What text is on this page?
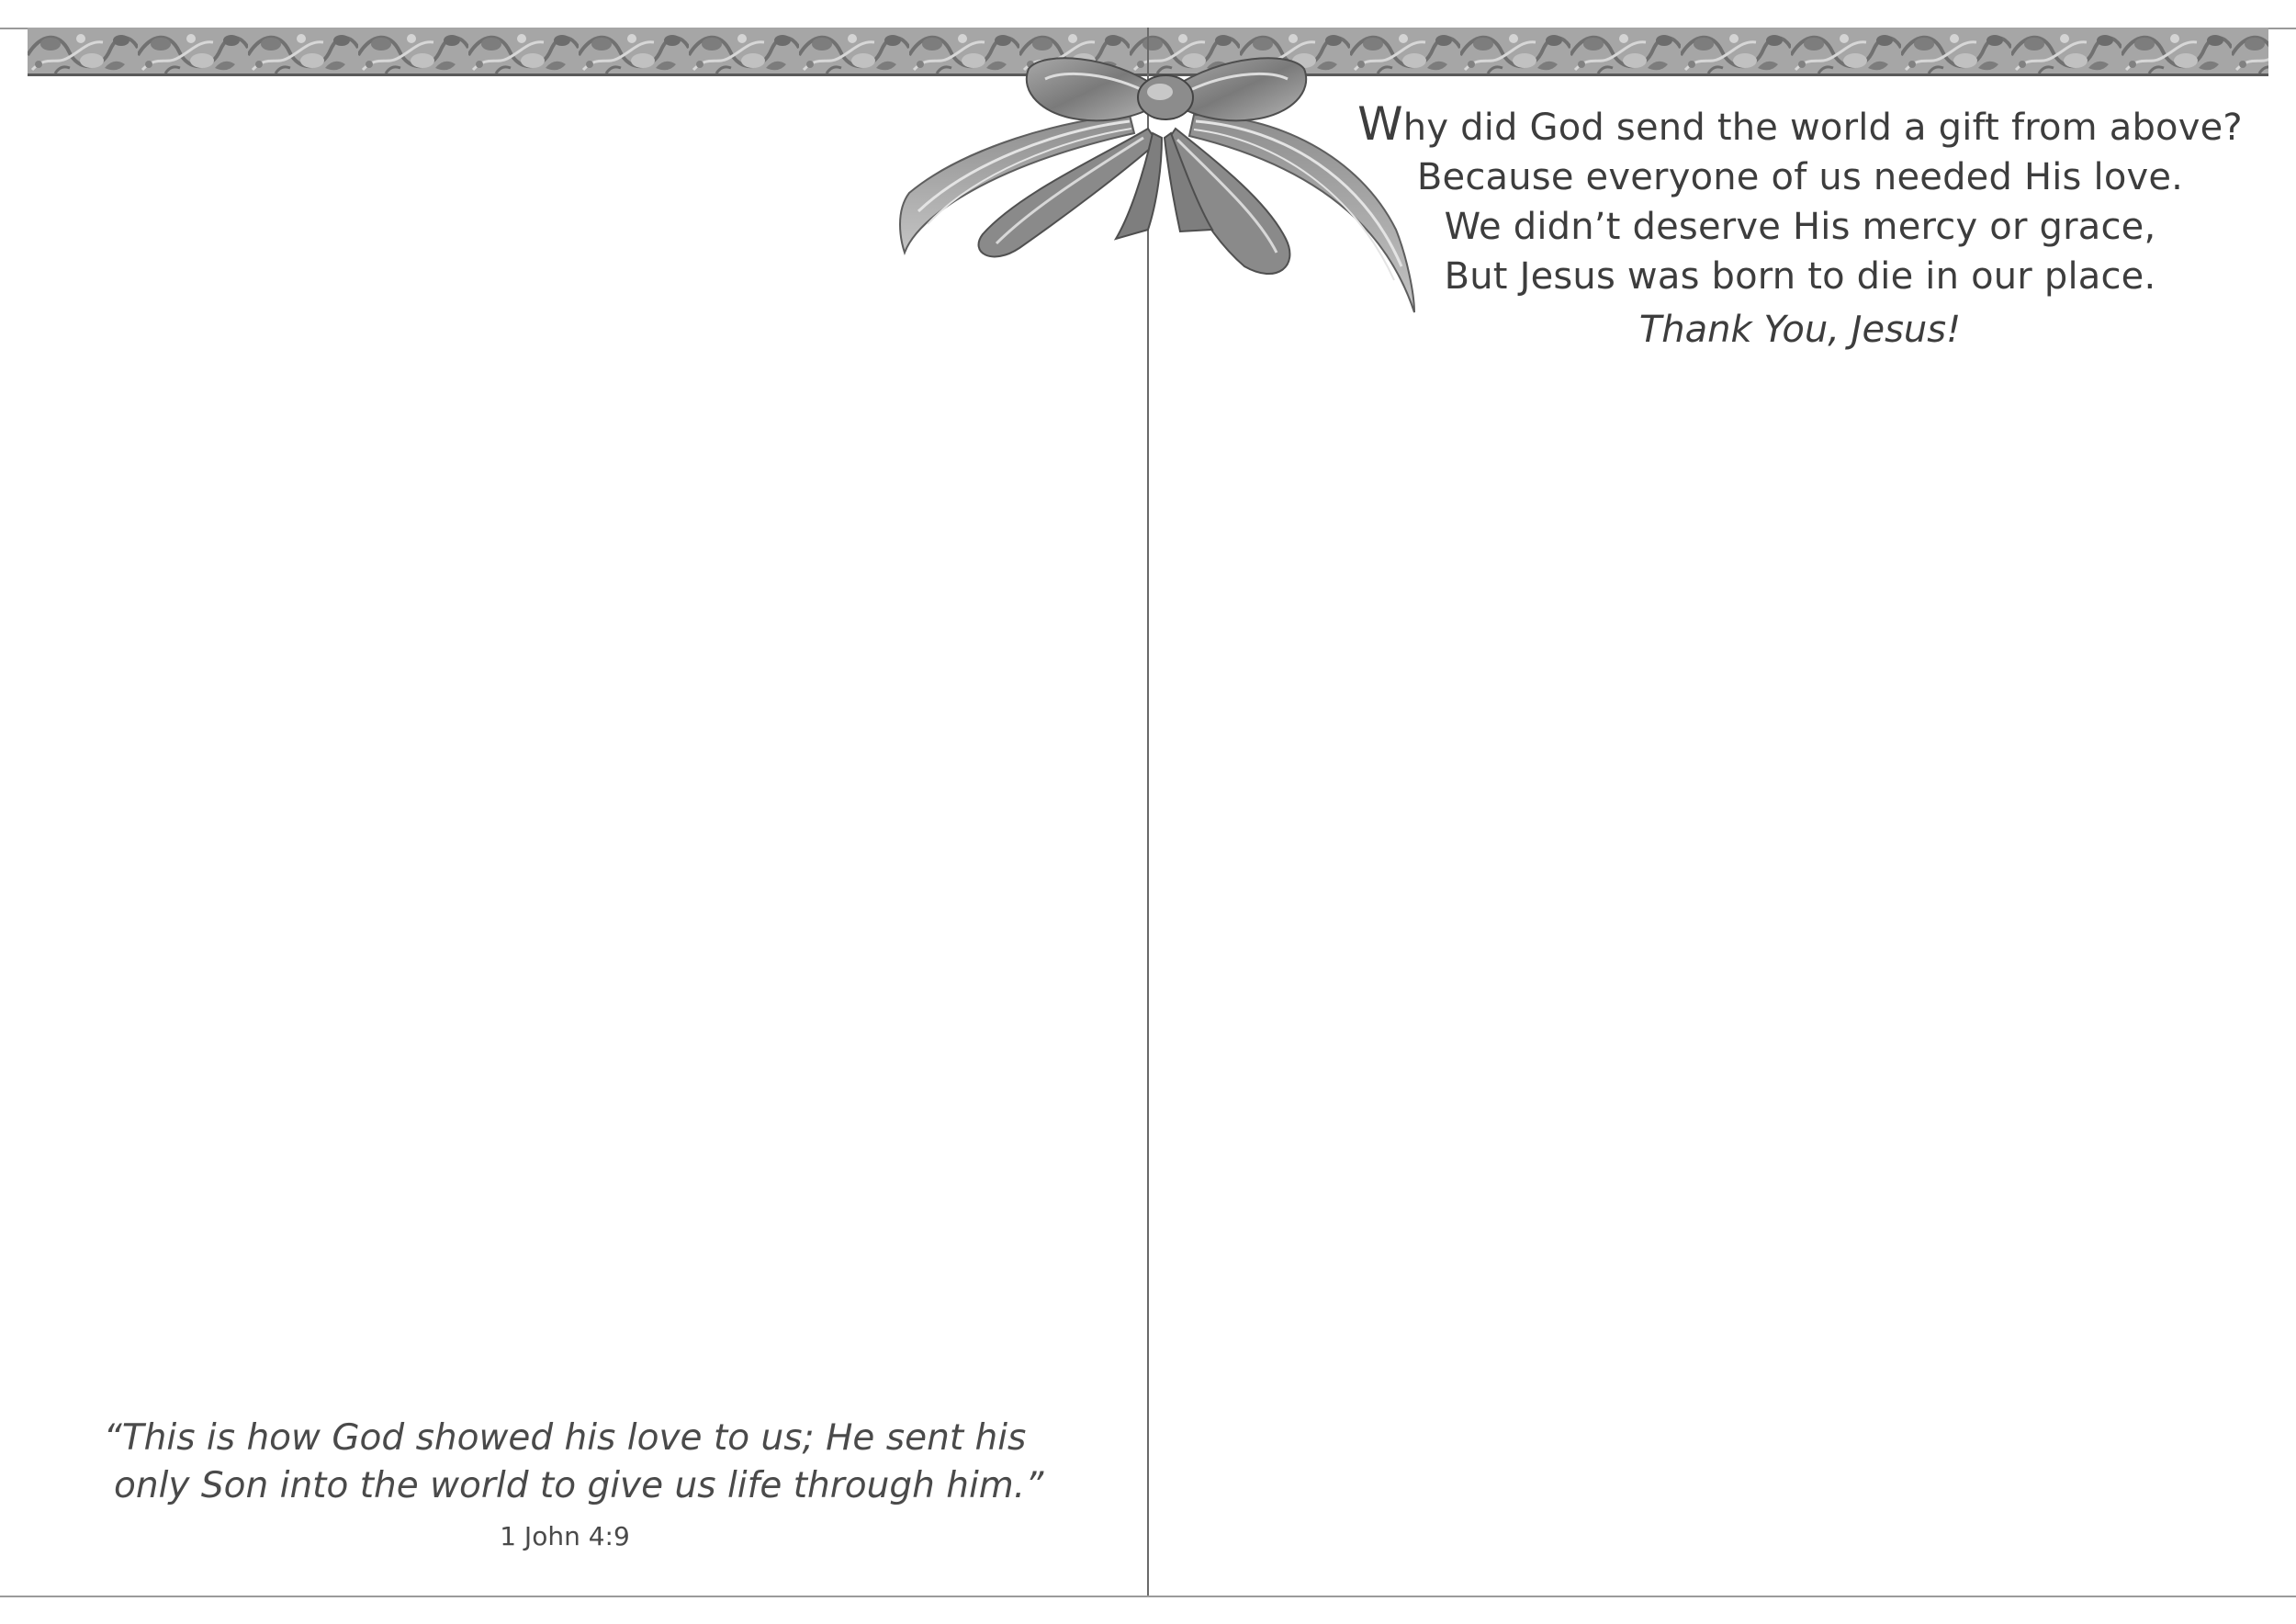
Why did God send the world a gift from above?
Because everyone of us needed His love.
We didn’t deserve His mercy or grace,
But Jesus was born to die in our place.
Thank You, Jesus!
“This is how God showed his love to us; He sent his
only Son into the world to give us life through him.”
1 John 4:9
